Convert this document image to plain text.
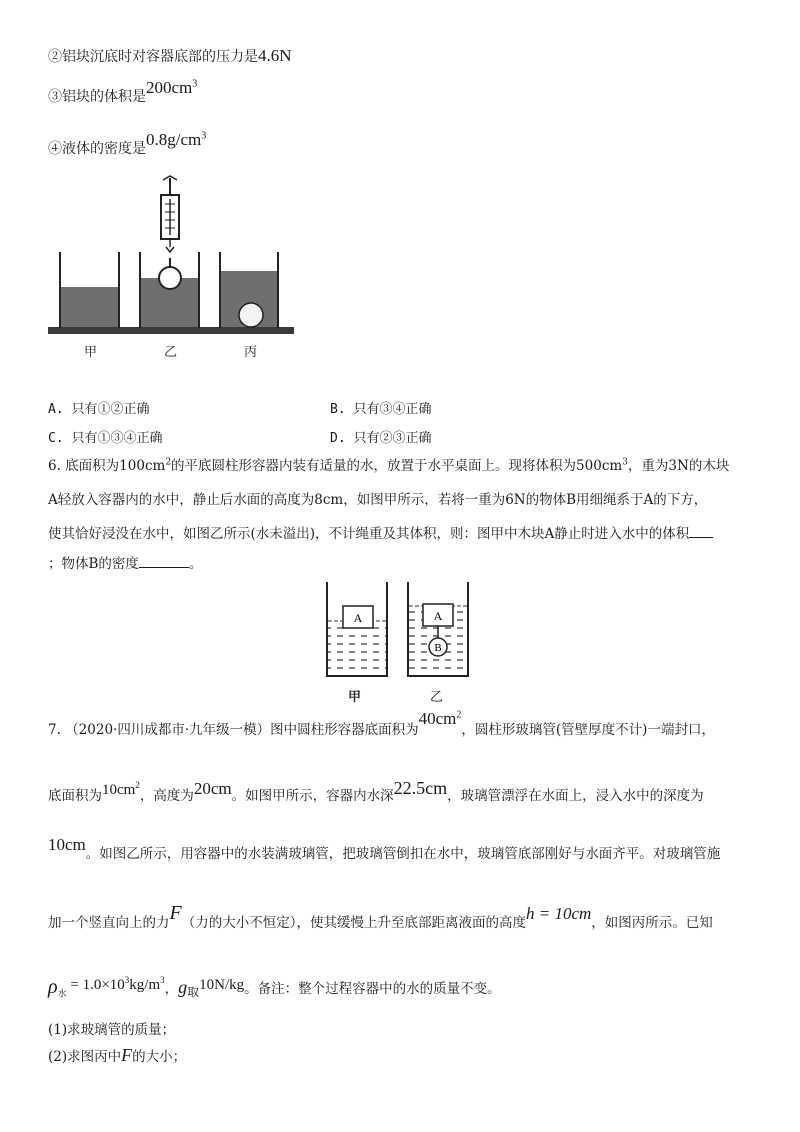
②铝块沉底时对容器底部的压力是4.6N
③铝块的体积是$200cm^3$
④液体的密度是$0.8g/cm^3$
甲	乙	丙
A. 只有①②正确	B. 只有③④正确
C. 只有①③④正确	D. 只有②③正确
6. 底面积为$100cm^2$的平底圆柱形容器内装有适量的水，放置于水平桌面上。现将体积为$500cm^3$，重为3N的木块
A轻放入容器内的水中，静止后水面的高度为8cm，如图甲所示，若将一重为6N的物体B用细绳系于A的下方，
使其恰好浸没在水中，如图乙所示(水未溢出)，不计绳重及其体积，则：图甲中木块A静止时进入水中的体积
；物体B的密度	。
A	A
B
甲	乙
7. （2020·四川成都市·九年级一模）图中圆柱形容器底面积为$40cm^2$，圆柱形玻璃管(管壁厚度不计)一端封口，
底面积为$10cm^2$，高度为20cm。如图甲所示，容器内水深22.5cm，玻璃管漂浮在水面上，浸入水中的深度为
10cm。如图乙所示，用容器中的水装满玻璃管，把玻璃管倒扣在水中，玻璃管底部刚好与水面齐平。对玻璃管施
加一个竖直向上的力F（力的大小不恒定），使其缓慢上升至底部距离液面的高度h = 10cm，如图丙所示。已知
$\rho_水 = 1.0\times 10^3kg/m^3$，g取10N/kg。备注：整个过程容器中的水的质量不变。
(1)求玻璃管的质量；
(2)求图丙中F的大小；
